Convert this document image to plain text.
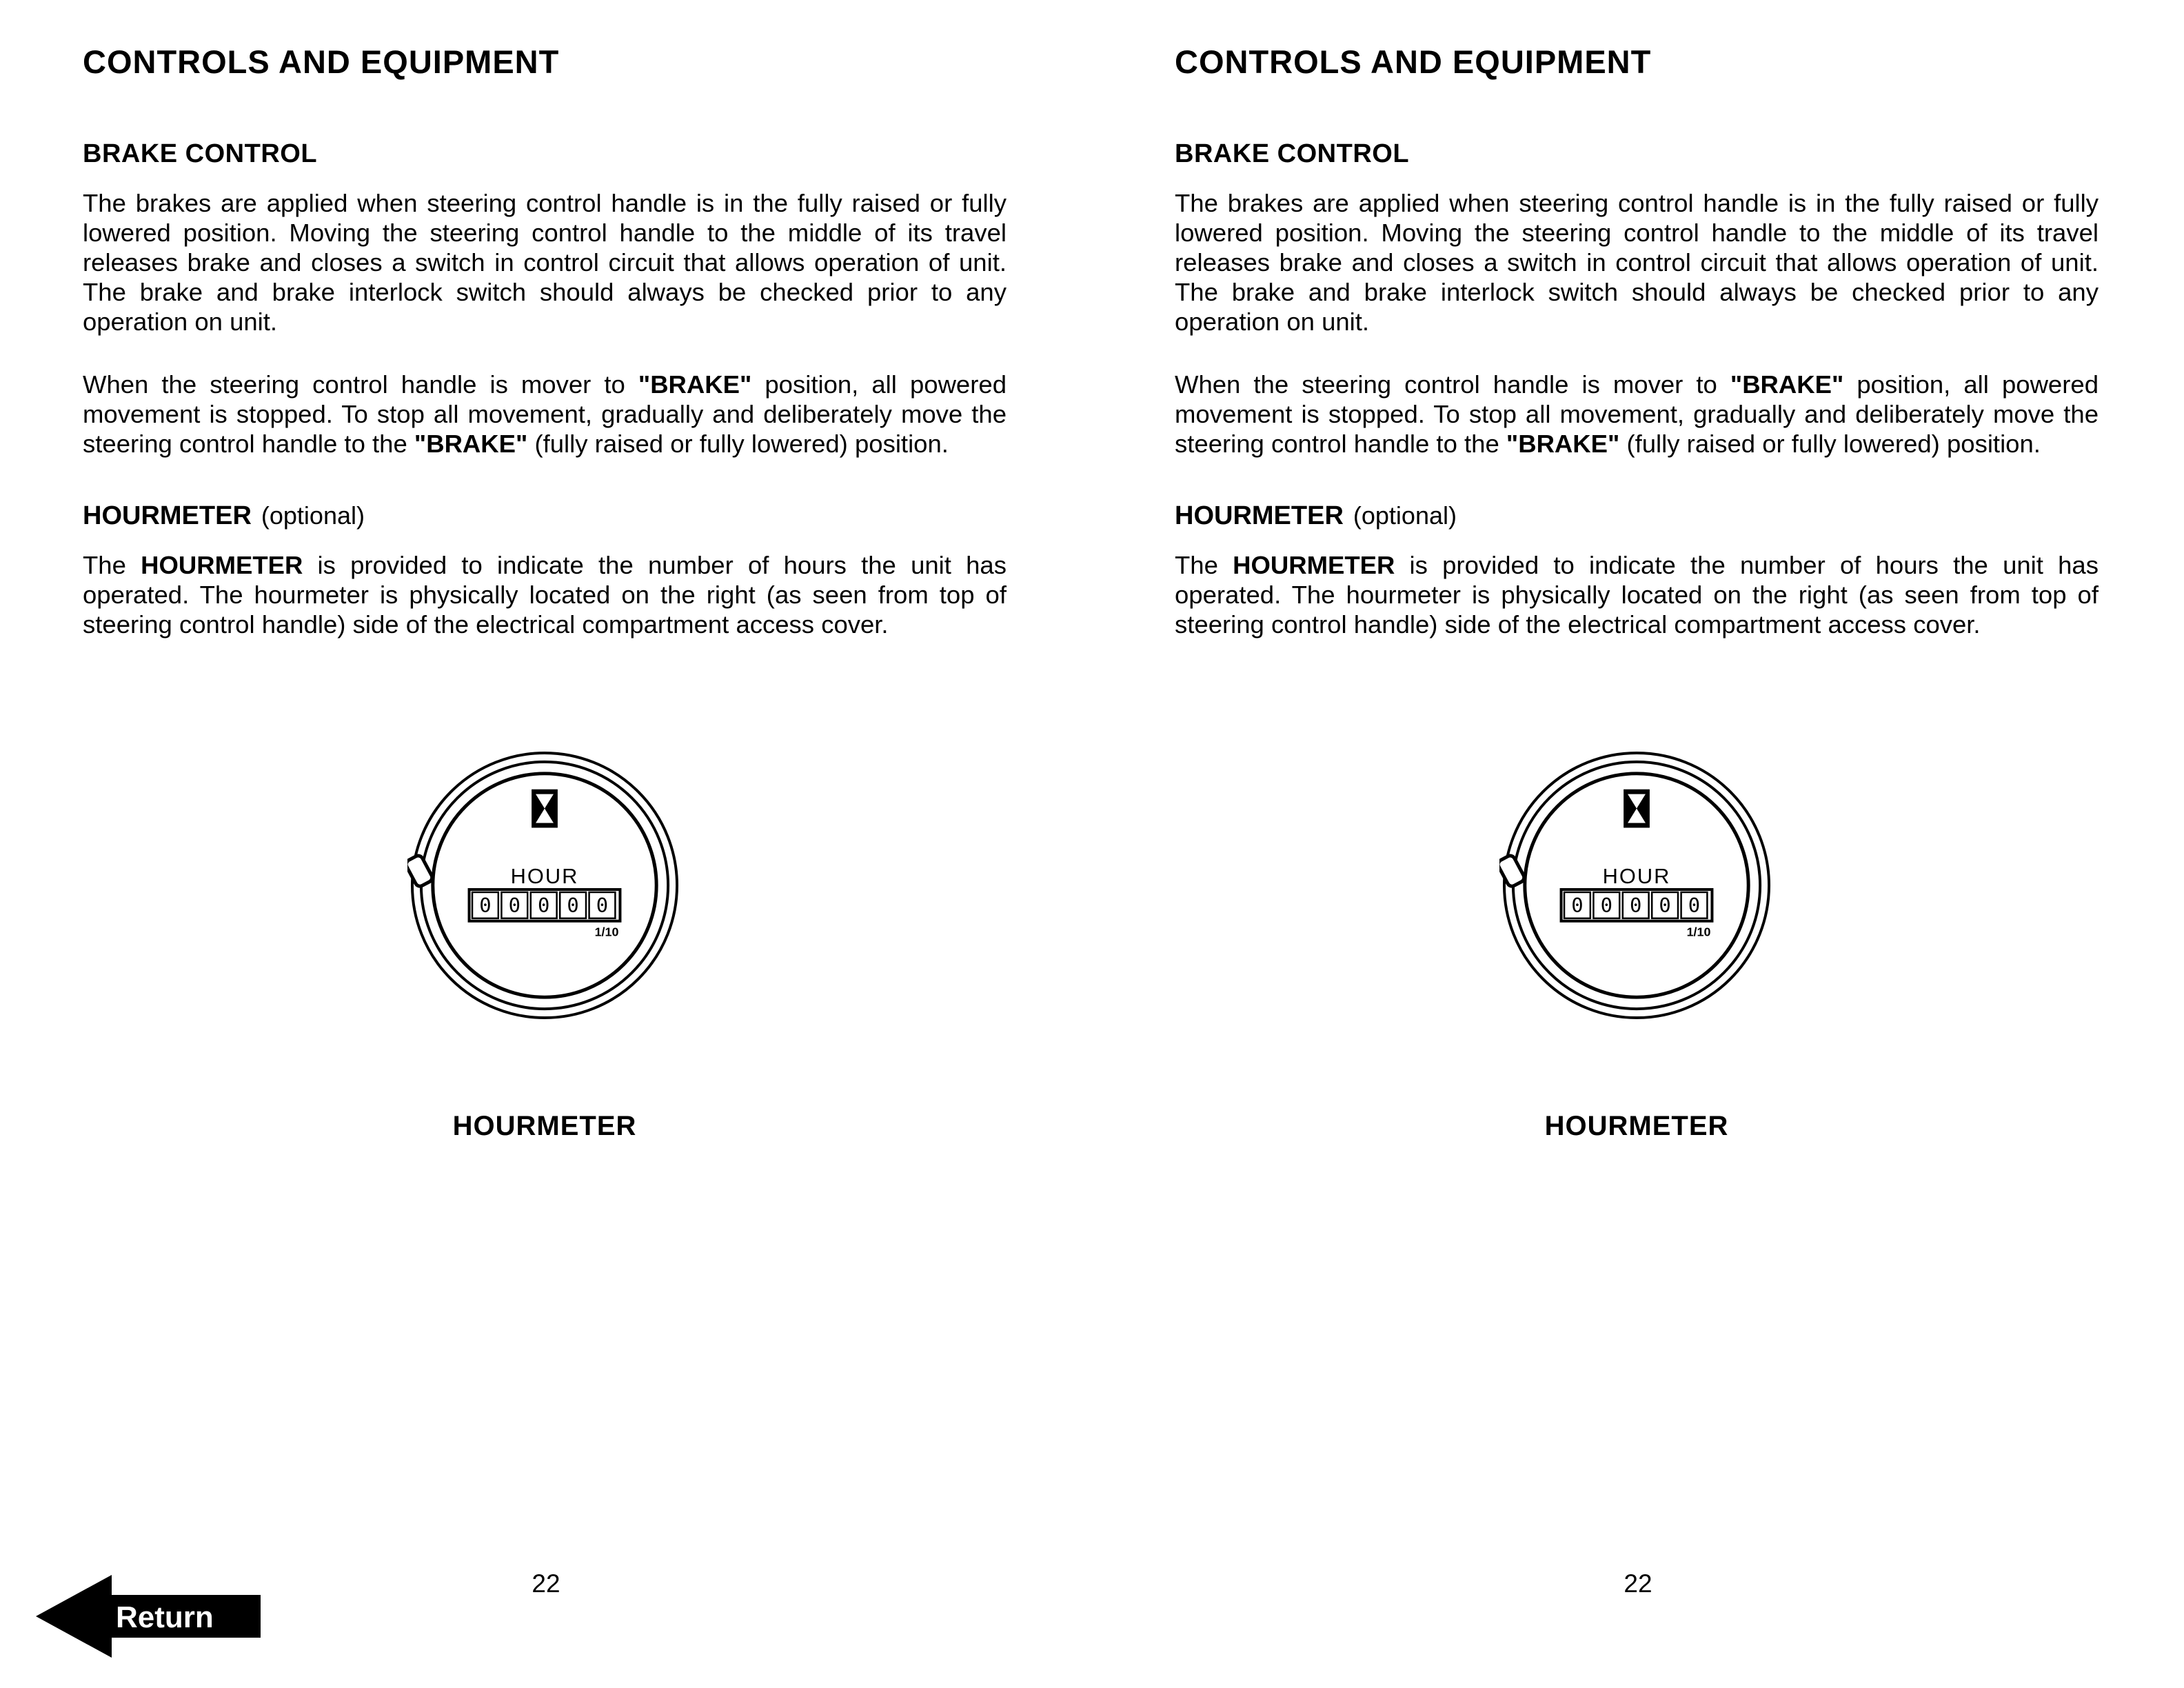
CONTROLS AND EQUIPMENT
BRAKE CONTROL

The brakes are applied when steering control handle is in the fully raised or fully lowered position. Moving the steering control handle to the middle of its travel releases brake and closes a switch in control circuit that allows operation of unit. The brake and brake interlock switch should always be checked prior to any operation on unit.

When the steering control handle is mover to "BRAKE" position, all powered movement is stopped. To stop all movement, gradually and deliberately move the steering control handle to the "BRAKE" (fully raised or fully lowered) position.

HOURMETER (optional)

The HOURMETER is provided to indicate the number of hours the unit has operated. The hourmeter is physically located on the right (as seen from top of steering control handle) side of the electrical compartment access cover.

HOUR
0 0 0 0 0
1/10
HOURMETER
22
CONTROLS AND EQUIPMENT
BRAKE CONTROL

The brakes are applied when steering control handle is in the fully raised or fully lowered position. Moving the steering control handle to the middle of its travel releases brake and closes a switch in control circuit that allows operation of unit. The brake and brake interlock switch should always be checked prior to any operation on unit.

When the steering control handle is mover to "BRAKE" position, all powered movement is stopped. To stop all movement, gradually and deliberately move the steering control handle to the "BRAKE" (fully raised or fully lowered) position.

HOURMETER (optional)

The HOURMETER is provided to indicate the number of hours the unit has operated. The hourmeter is physically located on the right (as seen from top of steering control handle) side of the electrical compartment access cover.

HOUR
0 0 0 0 0
1/10
HOURMETER
22
Return
